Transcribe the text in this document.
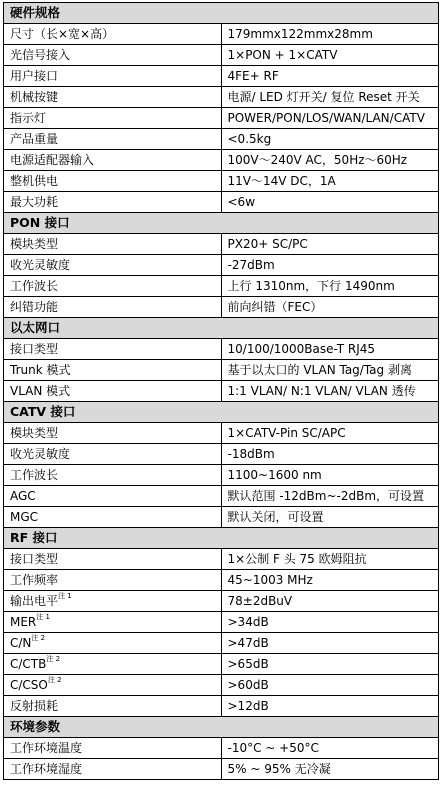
硬件规格	
尺寸（长×宽×高）	179mmx122mmx28mm
光信号接入	1×PON + 1×CATV
用户接口	4FE+ RF
机械按键	电源/ LED 灯开关/ 复位 Reset 开关
指示灯	POWER/PON/LOS/WAN/LAN/CATV
产品重量	<0.5kg
电源适配器输入	100V～240V AC，50Hz～60Hz
整机供电	11V～14V DC，1A
最大功耗	<6w
PON 接口	
模块类型	PX20+ SC/PC
收光灵敏度	-27dBm
工作波长	上行 1310nm，下行 1490nm
纠错功能	前向纠错（FEC）
以太网口	
接口类型	10/100/1000Base-T RJ45
Trunk 模式	基于以太口的 VLAN Tag/Tag 剥离
VLAN 模式	1:1 VLAN/ N:1 VLAN/ VLAN 透传
CATV 接口	
模块类型	1×CATV-Pin SC/APC
收光灵敏度	-18dBm
工作波长	1100~1600 nm
AGC	默认范围 -12dBm~-2dBm，可设置
MGC	默认关闭，可设置
RF 接口	
接口类型	1×公制 F 头 75 欧姆阻抗
工作频率	45~1003 MHz
输出电平$^{注 1}$	78±2dBuV
$MER^{注 1}$	>34dB
$C/N^{注 2}$	>47dB
$C/CTB^{注 2}$	>65dB
$C/CSO^{注 2}$	>60dB
反射损耗	>12dB
环境参数	
工作环境温度	-10°C ~ +50°C
工作环境湿度	5% ~ 95% 无冷凝
